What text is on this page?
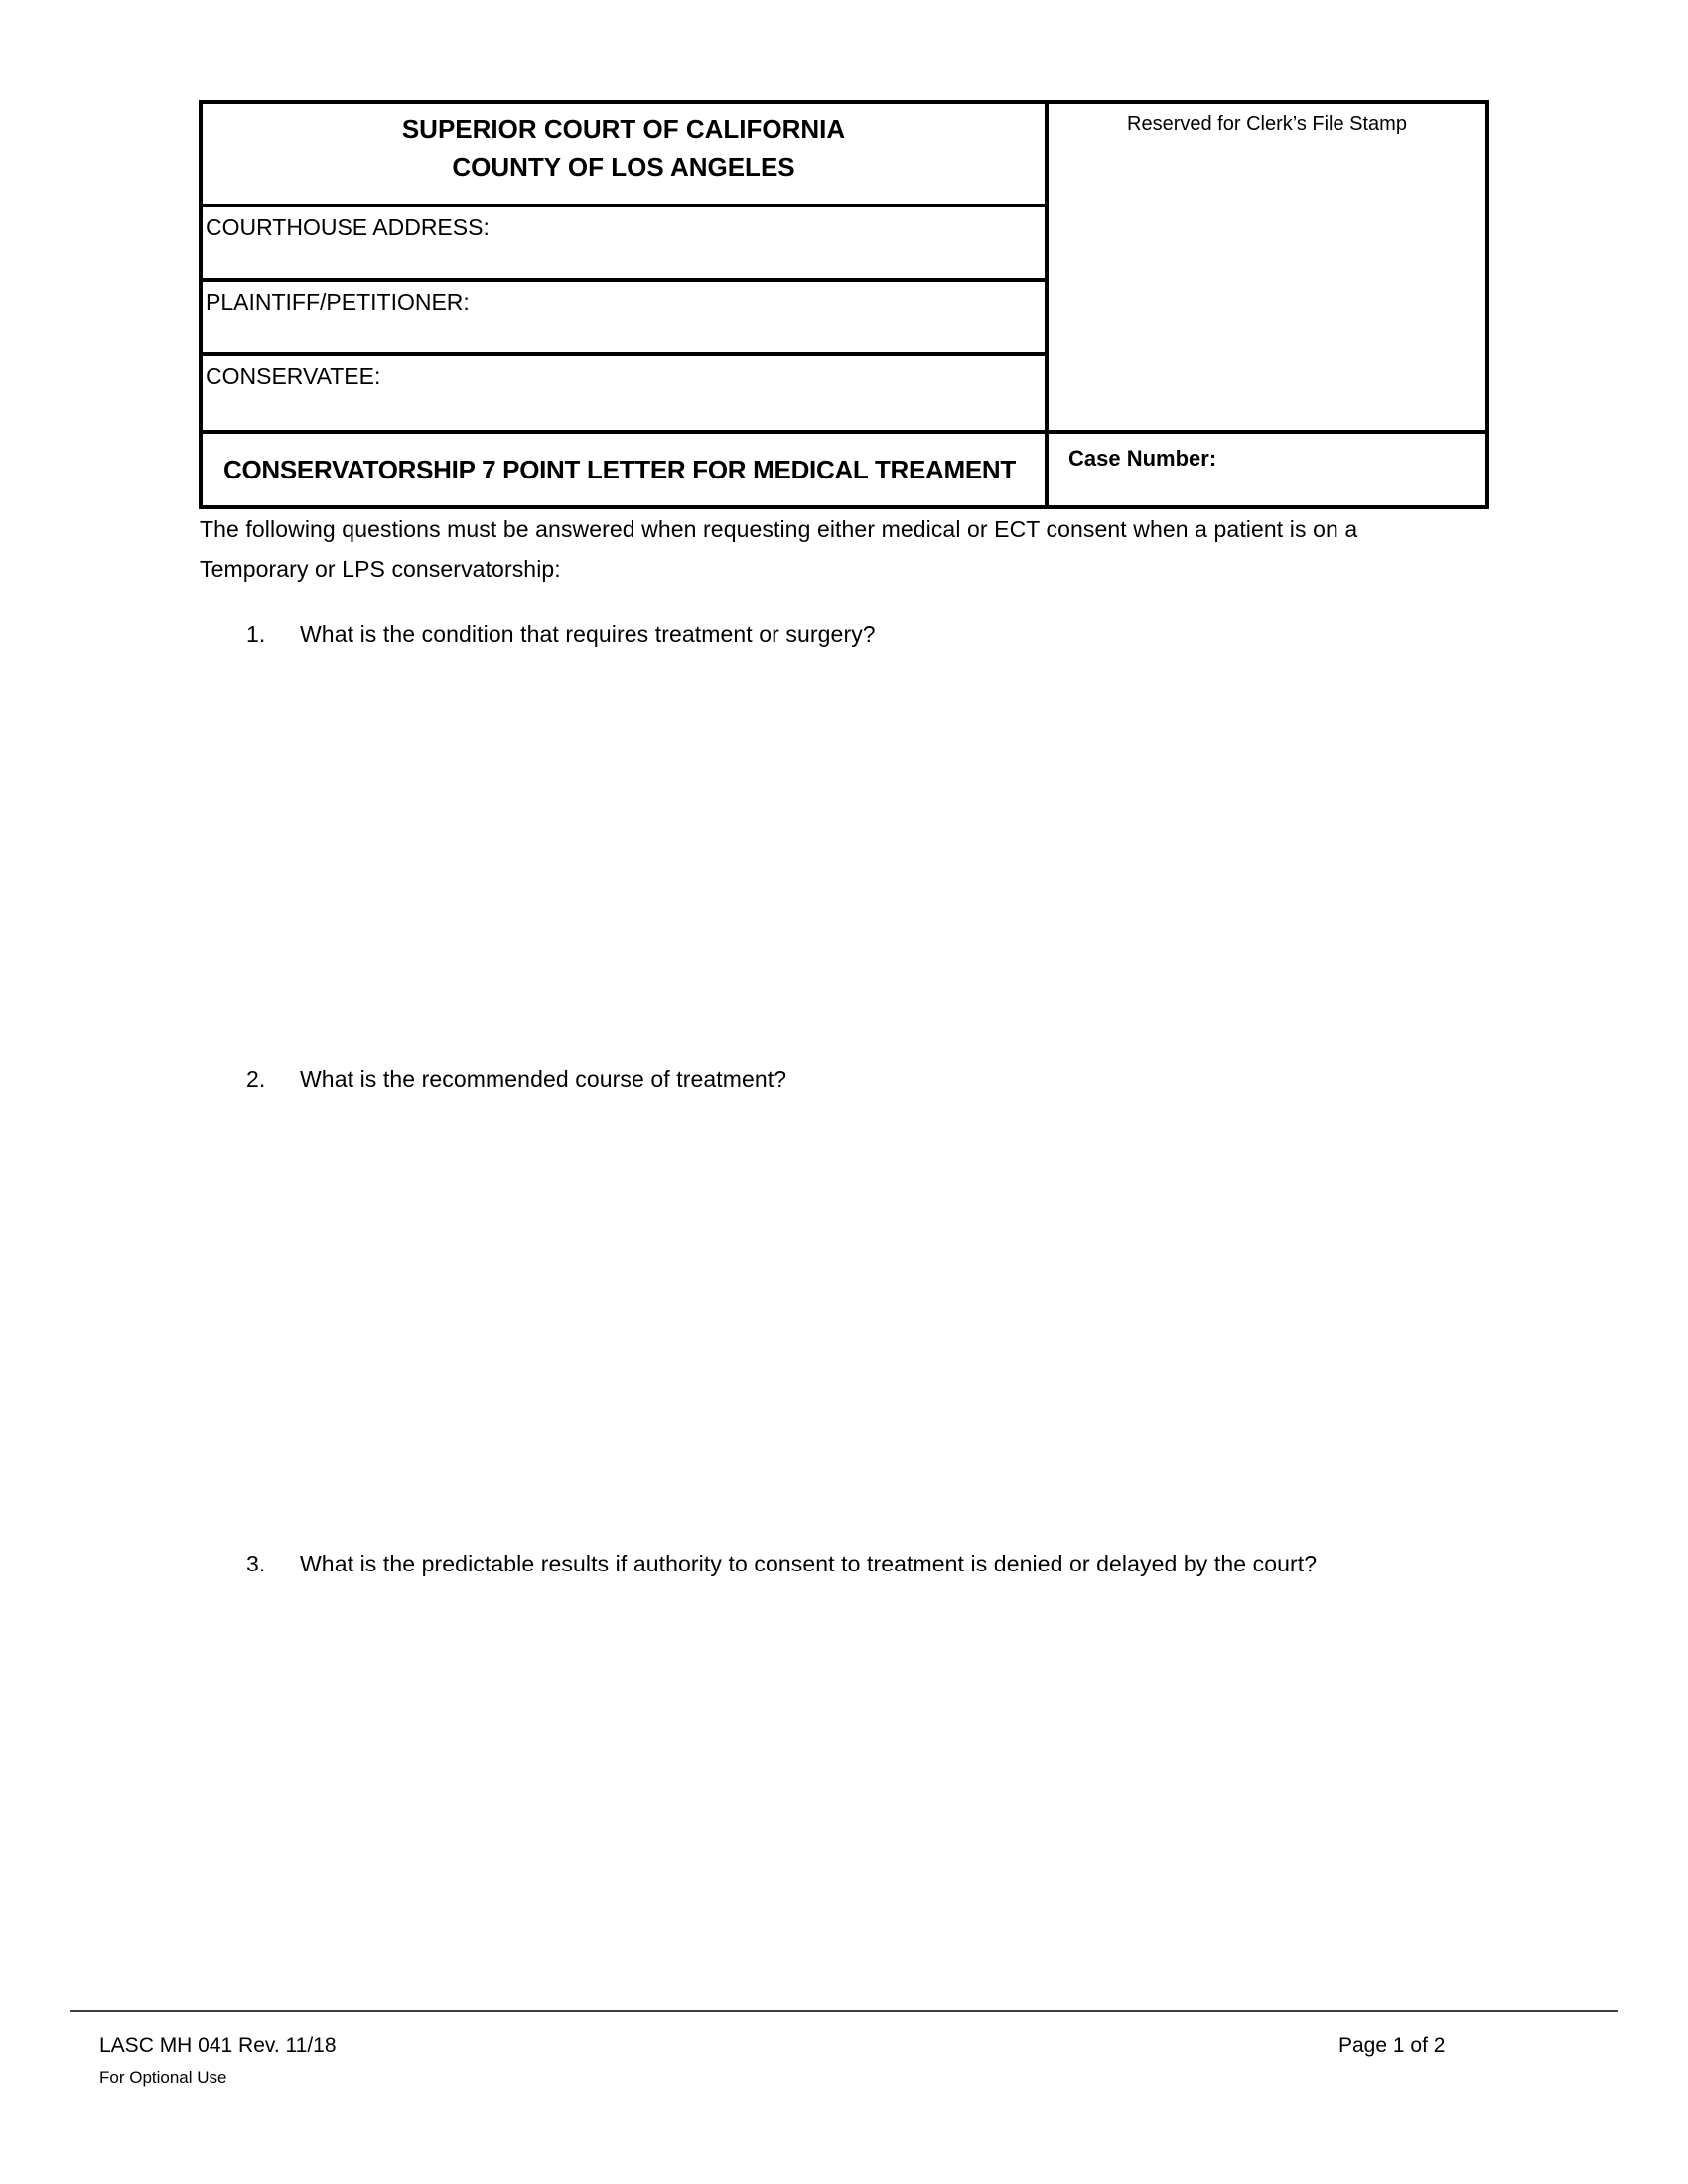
SUPERIOR COURT OF CALIFORNIA
COUNTY OF LOS ANGELES
COURTHOUSE ADDRESS:
PLAINTIFF/PETITIONER:
CONSERVATEE:
CONSERVATORSHIP 7 POINT LETTER FOR MEDICAL TREAMENT
Reserved for Clerk’s File Stamp
Case Number:
The following questions must be answered when requesting either medical or ECT consent when a patient is on a Temporary or LPS conservatorship:
1.	What is the condition that requires treatment or surgery?
2.	What is the recommended course of treatment?
3.	What is the predictable results if authority to consent to treatment is denied or delayed by the court?
LASC MH 041 Rev. 11/18	Page 1 of 2
For Optional Use
